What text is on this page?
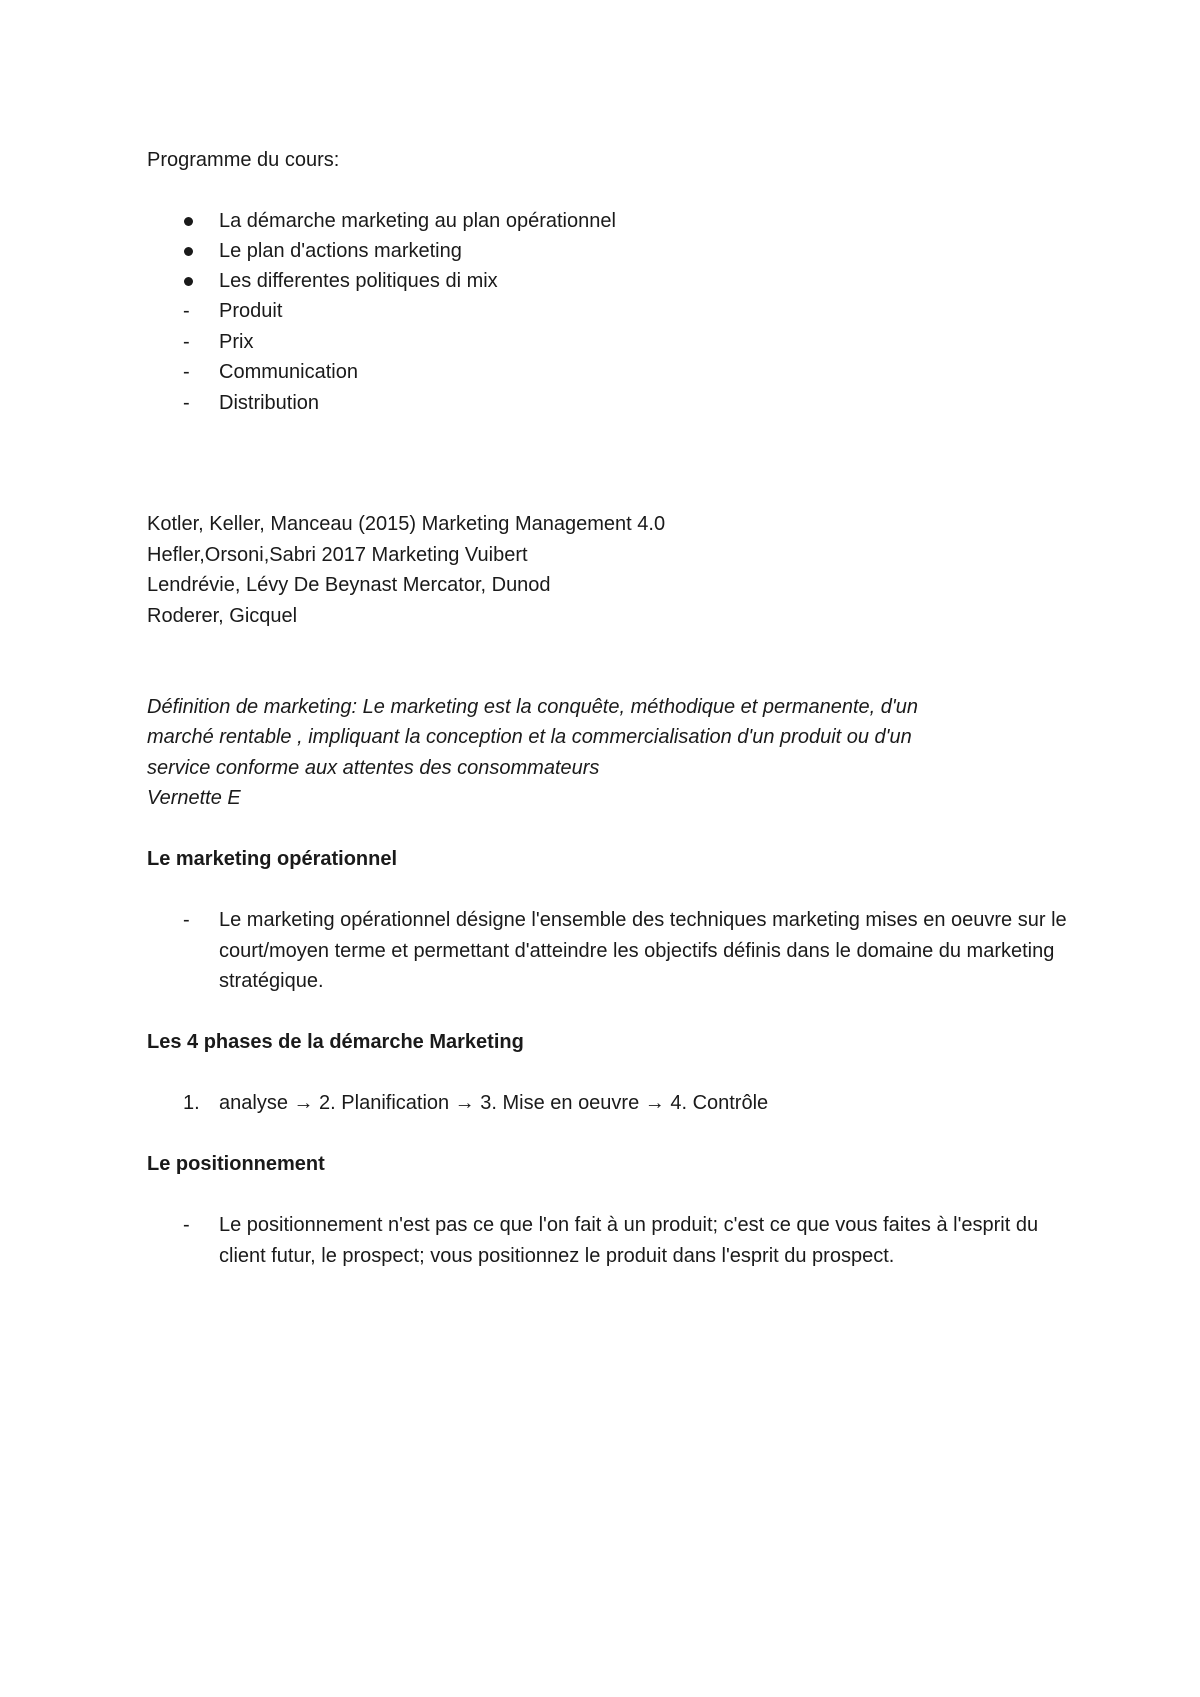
Programme du cours:
La démarche marketing au plan opérationnel
Le plan d'actions marketing
Les differentes politiques di mix
-	Produit
-	Prix
-	Communication
-	Distribution
Kotler, Keller, Manceau (2015) Marketing Management 4.0
Hefler,Orsoni,Sabri 2017 Marketing Vuibert
Lendrévie, Lévy De Beynast Mercator, Dunod
Roderer, Gicquel
Définition de marketing: Le marketing est la conquête, méthodique et permanente, d'un
marché rentable , impliquant la conception et la commercialisation d'un produit ou d'un
service conforme aux attentes des consommateurs
Vernette E
Le marketing opérationnel
-	Le marketing opérationnel désigne l'ensemble des techniques marketing mises en oeuvre sur le court/moyen terme et permettant d'atteindre les objectifs définis dans le domaine du marketing stratégique.
Les 4 phases de la démarche Marketing
1. analyse → 2. Planification → 3. Mise en oeuvre → 4. Contrôle
Le positionnement
-	Le positionnement n'est pas ce que l'on fait à un produit; c'est ce que vous faites à l'esprit du client futur, le prospect; vous positionnez le produit dans l'esprit du prospect.
